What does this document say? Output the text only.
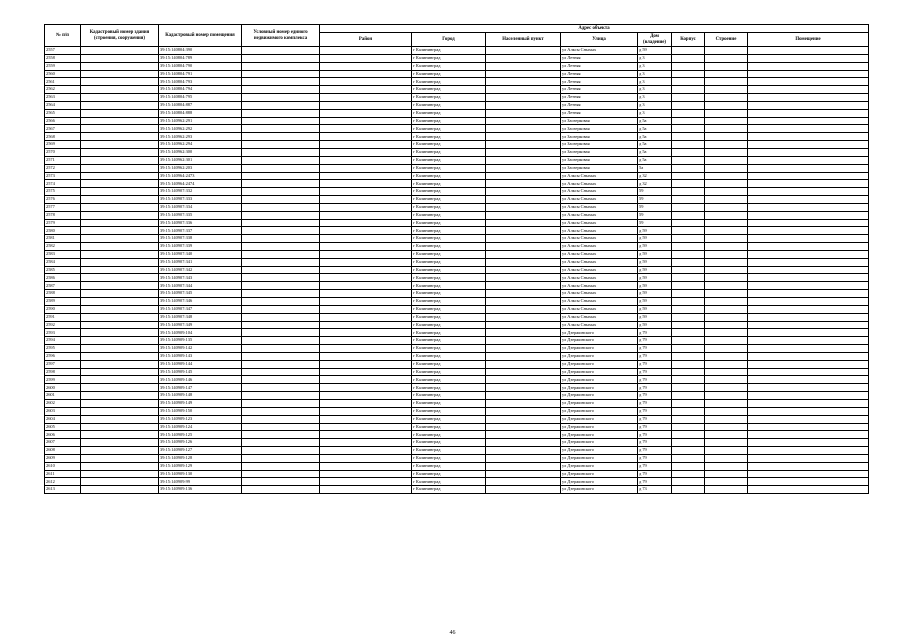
№ п/п	Кадастровый номер здания (строения, сооружения)	Кадастровый номер помещения	Условный номер единого недвижимого комплекса	Адрес объекта							
				Район	Город	Населенный пункт	Улица	Дом (владение)	Корпус	Строение	Помещение
2557		39:15:140804:390			г Калининград		ул Алксы Сныхых	д 59			
2558		39:15:140804:789			г Калининград		ул Летняя	д 3			
2559		39:15:140804:790			г Калининград		ул Летняя	д 3			
2560		39:15:140804:791			г Калининград		ул Летняя	д 3			
2561		39:15:140804:793			г Калининград		ул Летняя	д 3			
2562		39:15:140804:794			г Калининград		ул Летняя	д 3			
2563		39:15:140804:795			г Калининград		ул Летняя	д 3			
2564		39:15:140804:887			г Калининград		ул Летняя	д 3			
2565		39:15:140804:888			г Калининград		ул Летняя	д 3			
2566		39:15:140962:291			г Калининград		ул Заозерковая	д 5а			
2567		39:15:140962:292			г Калининград		ул Заозерковая	д 5а			
2568		39:15:140962:293			г Калининград		ул Заозерковая	д 5а			
2569		39:15:140962:294			г Калининград		ул Заозерковая	д 5а			
2570		39:15:140962:300			г Калининград		ул Заозерковая	д 5а			
2571		39:15:140962:301			г Калининград		ул Заозерковая	д 5а			
2572		39:15:140962:203			г Калининград		ул Заозерковая	5а			
2573		39:15:140964:2473			г Калининград		ул Алксы Сныхых	д 32			
2574		39:15:140964:2474			г Калининград		ул Алксы Сныхых	д 32			
2575		39:15:140907:332			г Калининград		ул Алксы Сныхых	59			
2576		39:15:140907:333			г Калининград		ул Алксы Сныхых	59			
2577		39:15:140907:334			г Калининград		ул Алксы Сныхых	59			
2578		39:15:140907:335			г Калининград		ул Алксы Сныхых	59			
2579		39:15:140907:336			г Калининград		ул Алксы Сныхых	59			
2580		39:15:140907:337			г Калининград		ул Алксы Сныхых	д 59			
2581		39:15:140907:338			г Калининград		ул Алксы Сныхых	д 59			
2582		39:15:140907:339			г Калининград		ул Алксы Сныхых	д 59			
2583		39:15:140907:340			г Калининград		ул Алксы Сныхых	д 59			
2584		39:15:140907:341			г Калининград		ул Алксы Сныхых	д 59			
2585		39:15:140907:342			г Калининград		ул Алксы Сныхых	д 59			
2586		39:15:140907:343			г Калининград		ул Алксы Сныхых	д 59			
2587		39:15:140907:344			г Калининград		ул Алксы Сныхых	д 59			
2588		39:15:140907:345			г Калининград		ул Алксы Сныхых	д 59			
2589		39:15:140907:346			г Калининград		ул Алксы Сныхых	д 59			
2590		39:15:140907:347			г Калининград		ул Алксы Сныхых	д 59			
2591		39:15:140907:348			г Калининград		ул Алксы Сныхых	д 59			
2592		39:15:140907:349			г Калининград		ул Алксы Сныхых	д 59			
2593		39:15:140909:104			г Калининград		ул Дзержинского	д 79			
2594		39:15:140909:135			г Калининград		ул Дзержинского	д 79			
2595		39:15:140909:142			г Калининград		ул Дзержинского	д 79			
2596		39:15:140909:143			г Калининград		ул Дзержинского	д 79			
2597		39:15:140909:144			г Калининград		ул Дзержинского	д 79			
2598		39:15:140909:145			г Калининград		ул Дзержинского	д 79			
2599		39:15:140909:146			г Калининград		ул Дзержинского	д 79			
2600		39:15:140909:147			г Калининград		ул Дзержинского	д 79			
2601		39:15:140909:148			г Калининград		ул Дзержинского	д 79			
2602		39:15:140909:149			г Калининград		ул Дзержинского	д 79			
2603		39:15:140909:150			г Калининград		ул Дзержинского	д 79			
2604		39:15:140909:123			г Калининград		ул Дзержинского	д 79			
2605		39:15:140909:124			г Калининград		ул Дзержинского	д 79			
2606		39:15:140909:125			г Калининград		ул Дзержинского	д 79			
2607		39:15:140909:126			г Калининград		ул Дзержинского	д 79			
2608		39:15:140909:127			г Калининград		ул Дзержинского	д 79			
2609		39:15:140909:128			г Калининград		ул Дзержинского	д 79			
2610		39:15:140909:129			г Калининград		ул Дзержинского	д 79			
2611		39:15:140909:130			г Калининград		ул Дзержинского	д 79			
2612		39:15:140909:99			г Калининград		ул Дзержинского	д 79			
2613		39:15:140909:136			г Калининград		ул Дзержинского	д 73			
46
